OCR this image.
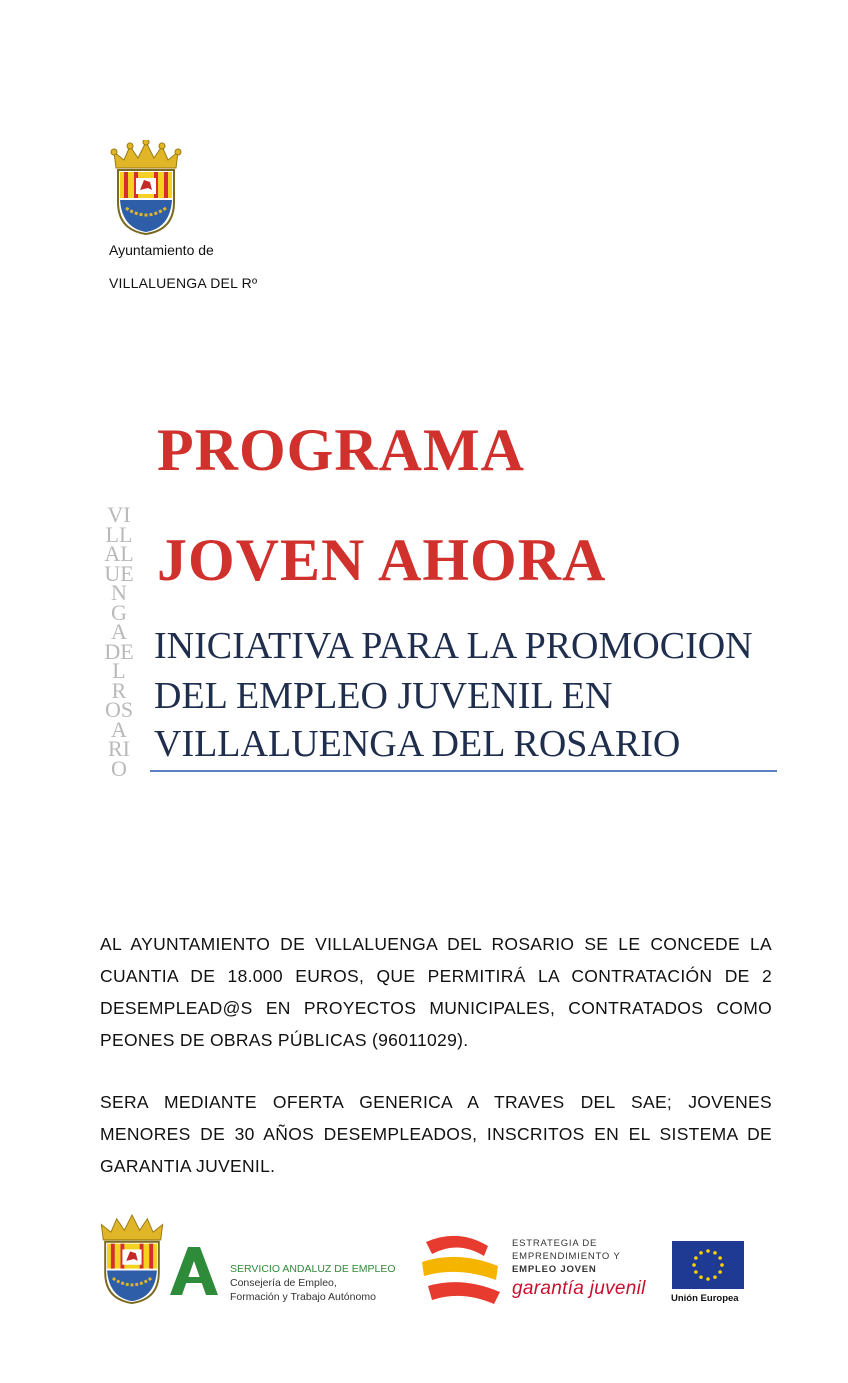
Ayuntamiento de
VILLALUENGA DEL Rº
VILLALUENGA DEL ROSARIO
PROGRAMA
JOVEN AHORA
INICIATIVA PARA LA PROMOCION
DEL EMPLEO JUVENIL EN
VILLALUENGA DEL ROSARIO
AL AYUNTAMIENTO DE VILLALUENGA DEL ROSARIO SE LE CONCEDE LA CUANTIA DE 18.000 EUROS, QUE PERMITIRÁ LA CONTRATACIÓN DE 2 DESEMPLEAD@S EN PROYECTOS MUNICIPALES, CONTRATADOS COMO PEONES DE OBRAS PÚBLICAS (96011029).
SERA MEDIANTE OFERTA GENERICA A TRAVES DEL SAE; JOVENES MENORES DE 30 AÑOS DESEMPLEADOS, INSCRITOS EN EL SISTEMA DE GARANTIA JUVENIL.
SERVICIO ANDALUZ DE EMPLEO
Consejería de Empleo,
Formación y Trabajo Autónomo
ESTRATEGIA DE
EMPRENDIMIENTO Y
EMPLEO JOVEN
garantía juvenil	Unión Europea
